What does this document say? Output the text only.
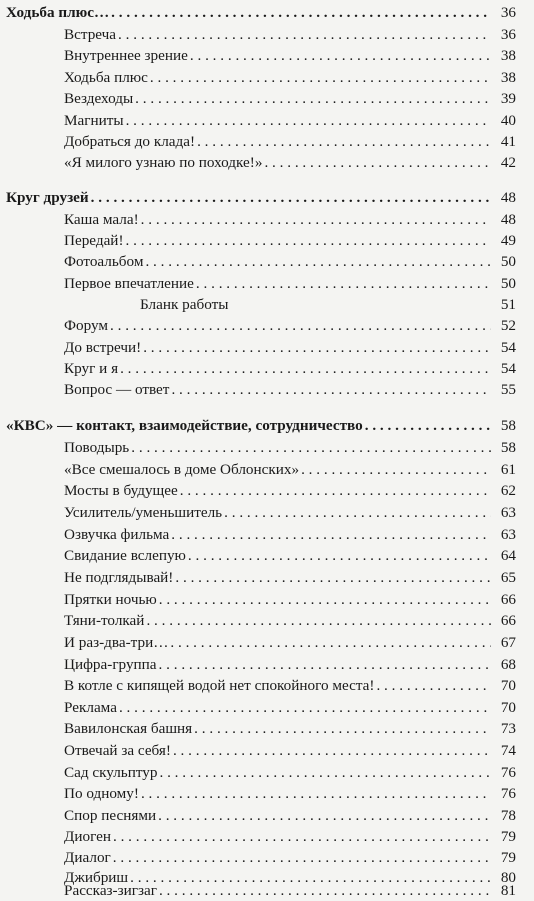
Ходьба плюс… . . .	36
Встреча . . .	36
Внутреннее зрение . . .	38
Ходьба плюс . . .	38
Вездеходы . . .	39
Магниты . . .	40
Добраться до клада! . . .	41
«Я милого узнаю по походке!» . . .	42
Круг друзей . . .	48
Каша мала! . . .	48
Передай! . . .	49
Фотоальбом . . .	50
Первое впечатление . . .	50
Бланк работы	51
Форум . . .	52
До встречи! . . .	54
Круг и я . . .	54
Вопрос — ответ . . .	55
«КВС» — контакт, взаимодействие, сотрудничество . . .	58
Поводырь . . .	58
«Все смешалось в доме Облонских» . . .	61
Мосты в будущее . . .	62
Усилитель/уменьшитель . . .	63
Озвучка фильма . . .	63
Свидание вслепую . . .	64
Не подглядывай! . . .	65
Прятки ночью . . .	66
Тяни-толкай . . .	66
И раз-два-три… . . .	67
Цифра-группа . . .	68
В котле с кипящей водой нет спокойного места! . . .	70
Реклама . . .	70
Вавилонская башня . . .	73
Отвечай за себя! . . .	74
Сад скульптур . . .	76
По одному! . . .	76
Спор песнями . . .	78
Диоген . . .	79
Диалог . . .	79
Джибриш . . .	80
Рассказ-зигзаг . . .	81
